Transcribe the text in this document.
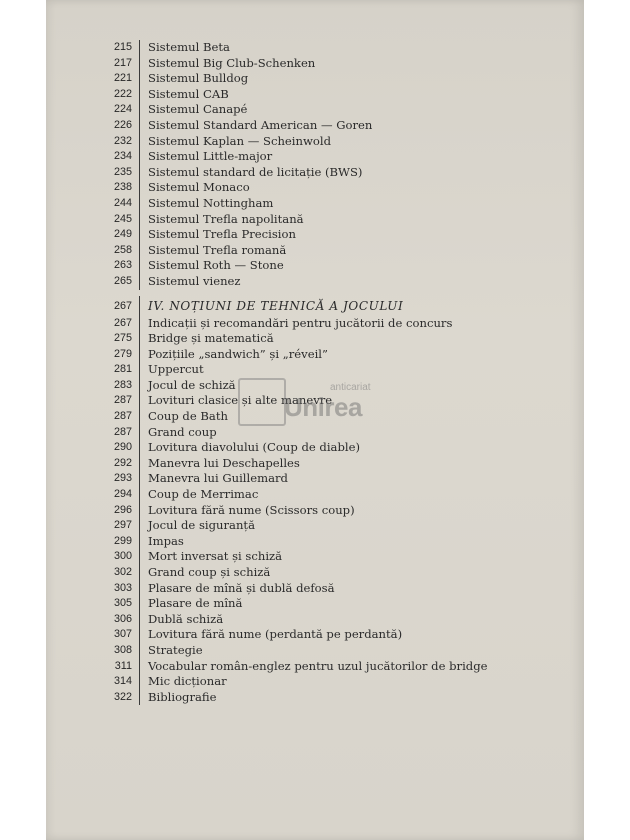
215 Sistemul Beta
217 Sistemul Big Club-Schenken
221 Sistemul Bulldog
222 Sistemul CAB
224 Sistemul Canapé
226 Sistemul Standard American — Goren
232 Sistemul Kaplan — Scheinwold
234 Sistemul Little-major
235 Sistemul standard de licitație (BWS)
238 Sistemul Monaco
244 Sistemul Nottingham
245 Sistemul Trefla napolitană
249 Sistemul Trefla Precision
258 Sistemul Trefla romană
263 Sistemul Roth — Stone
265 Sistemul vienez
267 IV. NOȚIUNI DE TEHNICĂ A JOCULUI
267 Indicații și recomandări pentru jucătorii de concurs
275 Bridge și matematică
279 Pozițiile „sandwich” și „réveil”
281 Uppercut
283 Jocul de schiză
287 Lovituri clasice și alte manevre
287 Coup de Bath
287 Grand coup
290 Lovitura diavolului (Coup de diable)
292 Manevra lui Deschapelles
293 Manevra lui Guillemard
294 Coup de Merrimac
296 Lovitura fără nume (Scissors coup)
297 Jocul de siguranță
299 Impas
300 Mort inversat și schiză
302 Grand coup și schiză
303 Plasare de mînă și dublă defosă
305 Plasare de mînă
306 Dublă schiză
307 Lovitura fără nume (perdantă pe perdantă)
308 Strategie
311 Vocabular român-englez pentru uzul jucătorilor de bridge
314 Mic dicționar
322 Bibliografie
anticariat
Unirea
